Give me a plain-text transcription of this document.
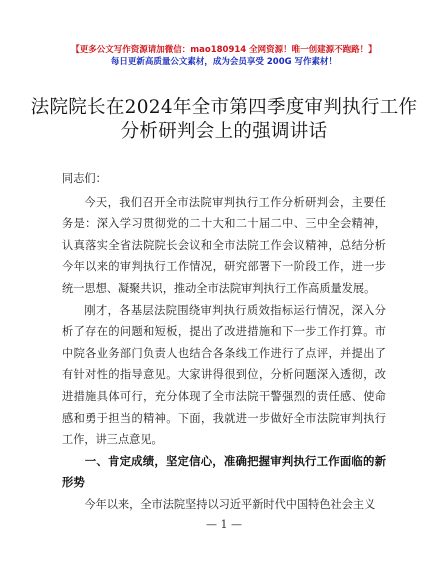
【更多公文写作资源请加微信：mao180914 全网资源！唯一创建源不跑路！】
每日更新高质量公文素材，成为会员享受 200G 写作素材！
法院院长在2024年全市第四季度审判执行工作
分析研判会上的强调讲话

同志们：

今天，我们召开全市法院审判执行工作分析研判会，主要任务是：深入学习贯彻党的二十大和二十届二中、三中全会精神，认真落实全省法院院长会议和全市法院工作会议精神，总结分析今年以来的审判执行工作情况，研究部署下一阶段工作，进一步统一思想、凝聚共识，推动全市法院审判执行工作高质量发展。

刚才，各基层法院围绕审判执行质效指标运行情况，深入分析了存在的问题和短板，提出了改进措施和下一步工作打算。市中院各业务部门负责人也结合各条线工作进行了点评，并提出了有针对性的指导意见。大家讲得很到位，分析问题深入透彻，改进措施具体可行，充分体现了全市法院干警强烈的责任感、使命感和勇于担当的精神。下面，我就进一步做好全市法院审判执行工作，讲三点意见。

一、肯定成绩，坚定信心，准确把握审判执行工作面临的新形势

今年以来，全市法院坚持以习近平新时代中国特色社会主义

— 1 —
